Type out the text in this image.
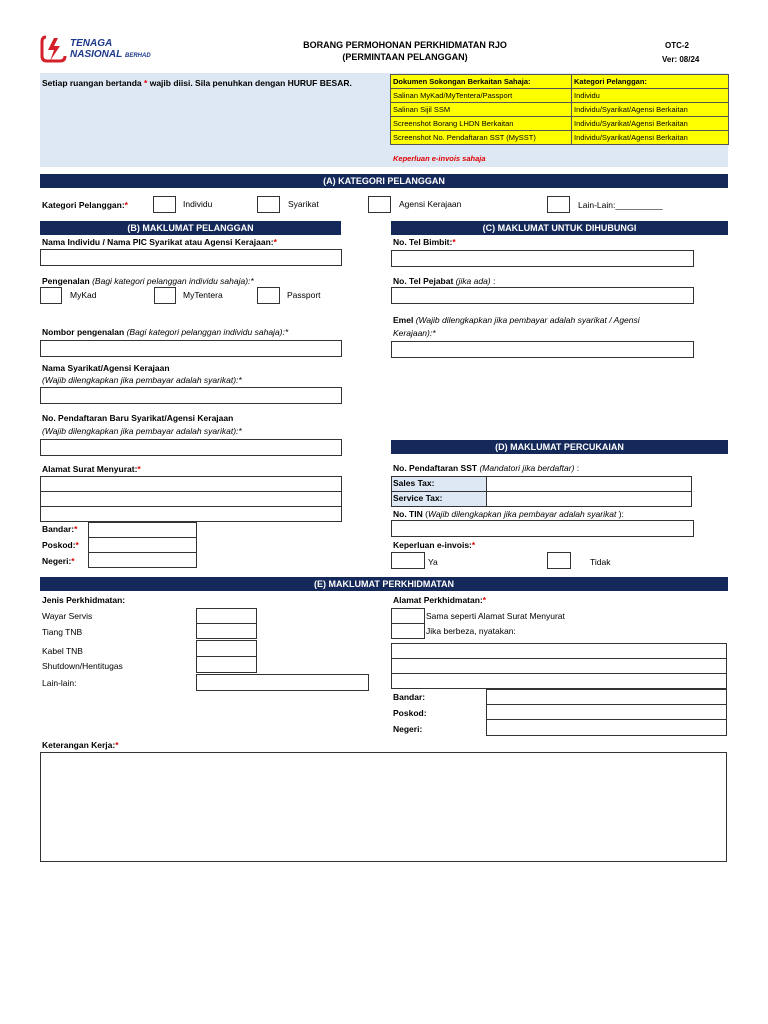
TENAGA
NASIONAL BERHAD
BORANG PERMOHONAN PERKHIDMATAN RJO
(PERMINTAAN PELANGGAN)
OTC-2
Ver: 08/24
Setiap ruangan bertanda * wajib diisi. Sila penuhkan dengan HURUF BESAR.	Dokumen Sokongan Berkaitan Sahaja:	Kategori Pelanggan:
Salinan MyKad/MyTentera/Passport	Individu
Salinan Sijil SSM	Individu/Syarikat/Agensi Berkaitan
Screenshot Borang LHDN Berkaitan	Individu/Syarikat/Agensi Berkaitan
Screenshot No. Pendaftaran SST (MySST)	Individu/Syarikat/Agensi Berkaitan
Keperluan e-invois sahaja
(A) KATEGORI PELANGGAN
Kategori Pelanggan:*	Individu	Syarikat	Agensi Kerajaan	Lain-Lain:__________
(B) MAKLUMAT PELANGGAN
Nama Individu / Nama PIC Syarikat atau Agensi Kerajaan:*
Pengenalan (Bagi kategori pelanggan individu sahaja):*
MyKad	MyTentera	Passport
Nombor pengenalan (Bagi kategori pelanggan individu sahaja):*
Nama Syarikat/Agensi Kerajaan
(Wajib dilengkapkan jika pembayar adalah syarikat):*
No. Pendaftaran Baru Syarikat/Agensi Kerajaan
(Wajib dilengkapkan jika pembayar adalah syarikat):*
Alamat Surat Menyurat:*
Bandar:*
Poskod:*
Negeri:*
(C) MAKLUMAT UNTUK DIHUBUNGI
No. Tel Bimbit:*
No. Tel Pejabat (jika ada) :
Emel (Wajib dilengkapkan jika pembayar adalah syarikat / Agensi
Kerajaan):*
(D) MAKLUMAT PERCUKAIAN
No. Pendaftaran SST (Mandatori jika berdaftar) :
Sales Tax:
Service Tax:
No. TIN (Wajib dilengkapkan jika pembayar adalah syarikat ):
Keperluan e-invois:*
Ya	Tidak
(E) MAKLUMAT PERKHIDMATAN
Jenis Perkhidmatan:
Wayar Servis
Tiang TNB
Kabel TNB
Shutdown/Hentitugas
Lain-lain:
Alamat Perkhidmatan:*
Sama seperti Alamat Surat Menyurat
Jika berbeza, nyatakan:
Bandar:
Poskod:
Negeri:
Keterangan Kerja:*
